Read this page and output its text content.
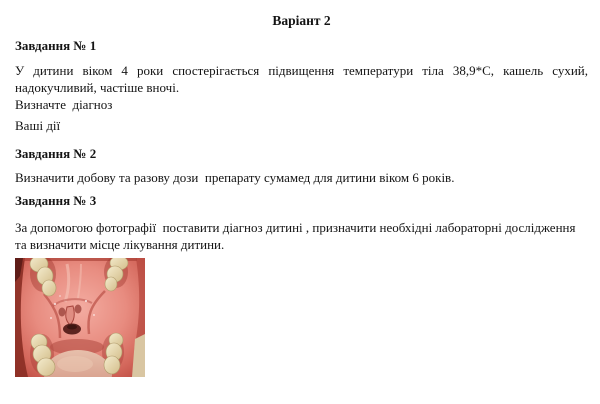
Варіант 2
Завдання № 1
У дитини віком 4 роки спостерігається підвищення температури тіла 38,9*С, кашель сухий,
надокучливий, частіше вночі.
Визначте  діагноз
Ваші дії
Завдання № 2
Визначити добову та разову дози  препарату сумамед для дитини віком 6 років.
Завдання № 3
За допомогою фотографії  поставити діагноз дитині , призначити необхідні лабораторні дослідження
та визначити місце лікування дитини.
